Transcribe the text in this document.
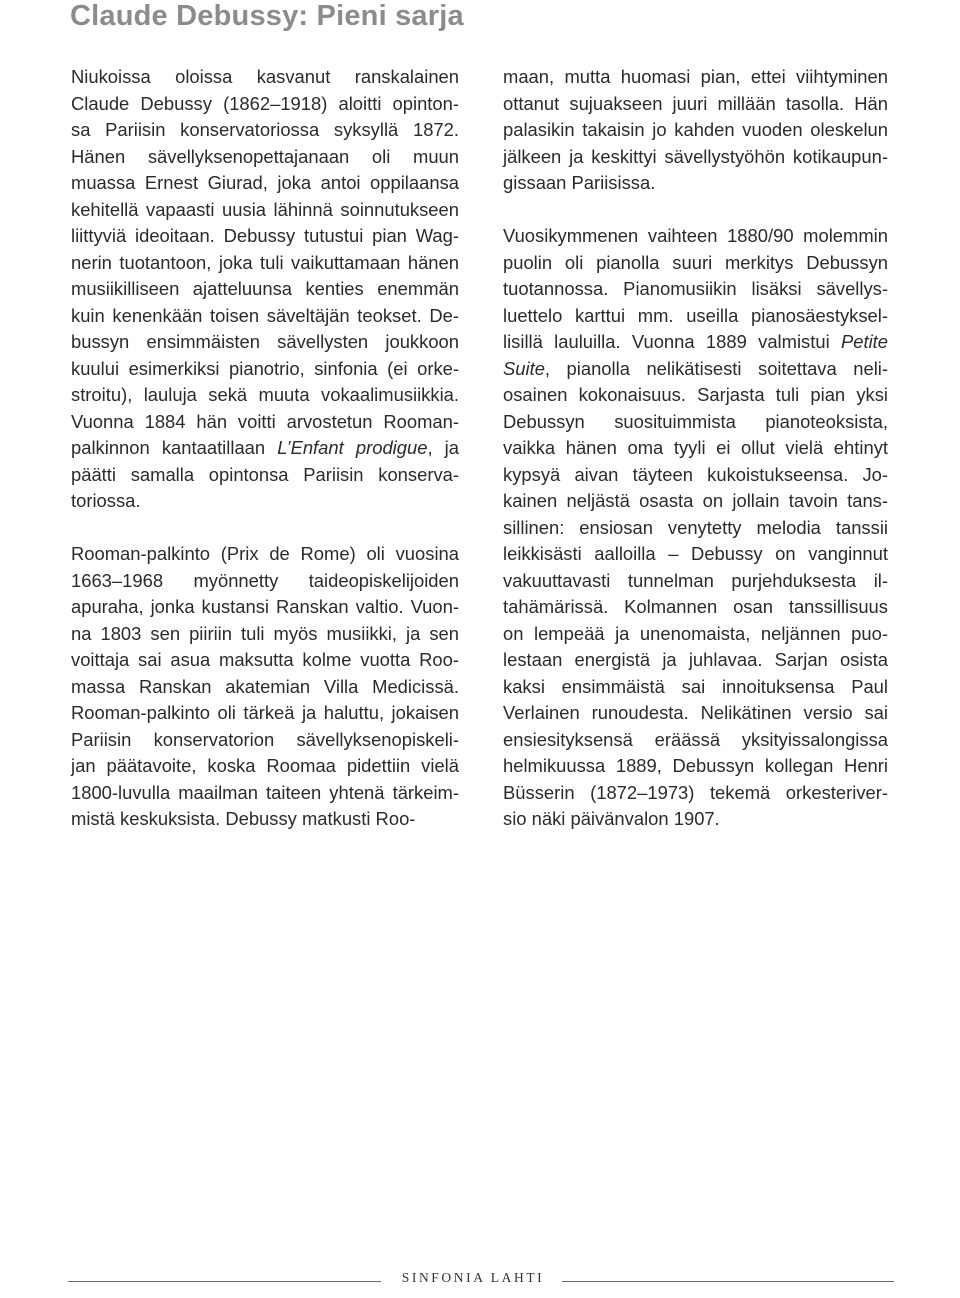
Claude Debussy: Pieni sarja
Niukoissa oloissa kasvanut ranskalainen
Claude Debussy (1862–1918) aloitti opinton-
sa Pariisin konservatoriossa syksyllä 1872.
Hänen sävellyksenopettajanaan oli muun
muassa Ernest Giurad, joka antoi oppilaansa
kehitellä vapaasti uusia lähinnä soinnutukseen
liittyviä ideoitaan. Debussy tutustui pian Wag-
nerin tuotantoon, joka tuli vaikuttamaan hänen
musiikilliseen ajatteluunsa kenties enemmän
kuin kenenkään toisen säveltäjän teokset. De-
bussyn ensimmäisten sävellysten joukkoon
kuului esimerkiksi pianotrio, sinfonia (ei orke-
stroitu), lauluja sekä muuta vokaalimusiikkia.
Vuonna 1884 hän voitti arvostetun Rooman-
palkinnon kantaatillaan L’Enfant prodigue, ja
päätti samalla opintonsa Pariisin konserva-
toriossa.
Rooman-palkinto (Prix de Rome) oli vuosina
1663–1968 myönnetty taideopiskelijoiden
apuraha, jonka kustansi Ranskan valtio. Vuon-
na 1803 sen piiriin tuli myös musiikki, ja sen
voittaja sai asua maksutta kolme vuotta Roo-
massa Ranskan akatemian Villa Medicissä.
Rooman-palkinto oli tärkeä ja haluttu, jokaisen
Pariisin konservatorion sävellyksenopiskeli-
jan päätavoite, koska Roomaa pidettiin vielä
1800-luvulla maailman taiteen yhtenä tärkeim-
mistä keskuksista. Debussy matkusti Roo-
maan, mutta huomasi pian, ettei viihtyminen
ottanut sujuakseen juuri millään tasolla. Hän
palasikin takaisin jo kahden vuoden oleskelun
jälkeen ja keskittyi sävellystyöhön kotikaupun-
gissaan Pariisissa.
Vuosikymmenen vaihteen 1880/90 molemmin
puolin oli pianolla suuri merkitys Debussyn
tuotannossa. Pianomusiikin lisäksi sävellys-
luettelo karttui mm. useilla pianosäestyksel-
lisillä lauluilla. Vuonna 1889 valmistui Petite
Suite, pianolla nelikätisesti soitettava neli-
osainen kokonaisuus. Sarjasta tuli pian yksi
Debussyn suosituimmista pianoteoksista,
vaikka hänen oma tyyli ei ollut vielä ehtinyt
kypsyä aivan täyteen kukoistukseensa. Jo-
kainen neljästä osasta on jollain tavoin tans-
sillinen: ensiosan venytetty melodia tanssii
leikkisästi aalloilla – Debussy on vanginnut
vakuuttavasti tunnelman purjehduksesta il-
tahämärissä. Kolmannen osan tanssillisuus
on lempeää ja unenomaista, neljännen puo-
lestaan energistä ja juhlavaa. Sarjan osista
kaksi ensimmäistä sai innoituksensa Paul
Verlainen runoudesta. Nelikätinen versio sai
ensiesityksensä eräässä yksityissalongissa
helmikuussa 1889, Debussyn kollegan Henri
Büsserin (1872–1973) tekemä orkesteriver-
sio näki päivänvalon 1907.
SINFONIA LAHTI
